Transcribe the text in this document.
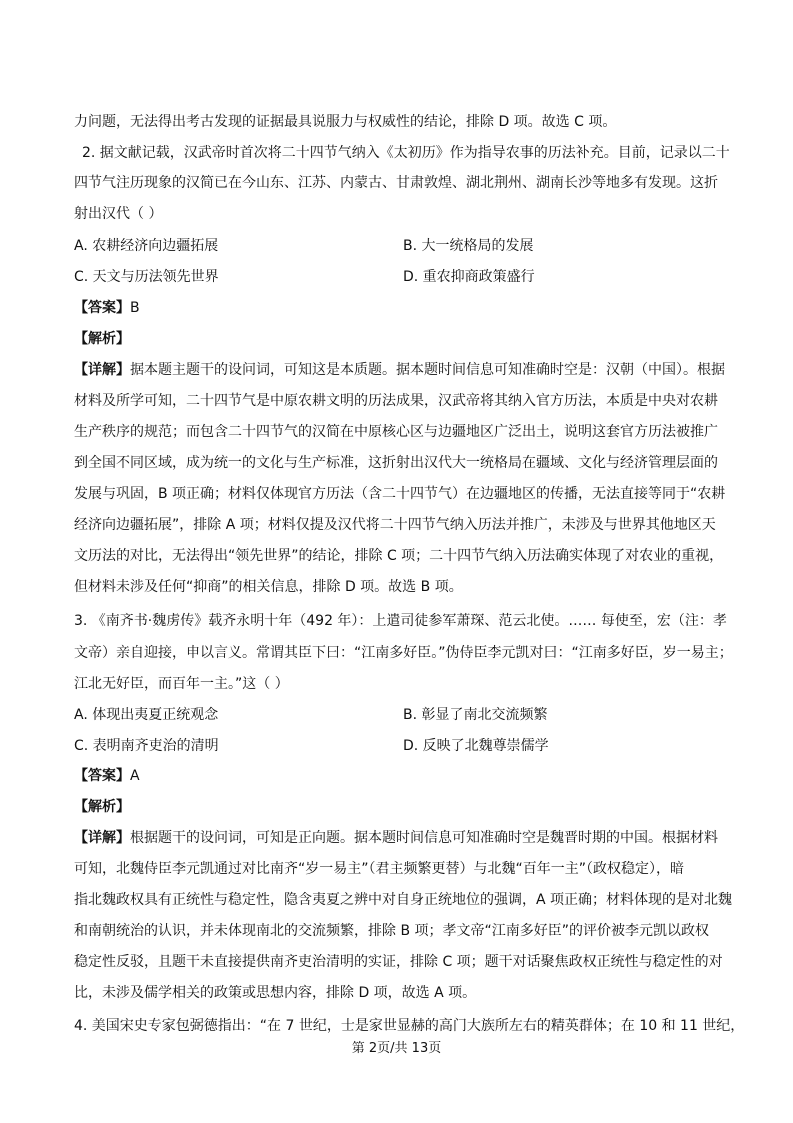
力问题，无法得出考古发现的证据最具说服力与权威性的结论，排除 D 项。故选 C 项。
2. 据文献记载，汉武帝时首次将二十四节气纳入《太初历》作为指导农事的历法补充。目前，记录以二十
四节气注历现象的汉简已在今山东、江苏、内蒙古、甘肃敦煌、湖北荆州、湖南长沙等地多有发现。这折
射出汉代（ ）
A. 农耕经济向边疆拓展	B. 大一统格局的发展
C. 天文与历法领先世界	D. 重农抑商政策盛行
【答案】B
【解析】
【详解】据本题主题干的设问词，可知这是本质题。据本题时间信息可知准确时空是：汉朝（中国）。根据
材料及所学可知，二十四节气是中原农耕文明的历法成果，汉武帝将其纳入官方历法，本质是中央对农耕
生产秩序的规范；而包含二十四节气的汉简在中原核心区与边疆地区广泛出土，说明这套官方历法被推广
到全国不同区域，成为统一的文化与生产标准，这折射出汉代大一统格局在疆域、文化与经济管理层面的
发展与巩固，B 项正确；材料仅体现官方历法（含二十四节气）在边疆地区的传播，无法直接等同于“农耕
经济向边疆拓展”，排除 A 项；材料仅提及汉代将二十四节气纳入历法并推广，未涉及与世界其他地区天
文历法的对比，无法得出“领先世界”的结论，排除 C 项；二十四节气纳入历法确实体现了对农业的重视，
但材料未涉及任何“抑商”的相关信息，排除 D 项。故选 B 项。
3. 《南齐书·魏虏传》载齐永明十年（492 年）：上遣司徒参军萧琛、范云北使。…… 每使至，宏（注：孝
文帝）亲自迎接，申以言义。常谓其臣下曰：“江南多好臣。”伪侍臣李元凯对曰：“江南多好臣，岁一易主；
江北无好臣，而百年一主。”这（ ）
A. 体现出夷夏正统观念	B. 彰显了南北交流频繁
C. 表明南齐吏治的清明	D. 反映了北魏尊崇儒学
【答案】A
【解析】
【详解】根据题干的设问词，可知是正向题。据本题时间信息可知准确时空是魏晋时期的中国。根据材料
可知，北魏侍臣李元凯通过对比南齐“岁一易主”（君主频繁更替）与北魏“百年一主”（政权稳定），暗
指北魏政权具有正统性与稳定性，隐含夷夏之辨中对自身正统地位的强调，A 项正确；材料体现的是对北魏
和南朝统治的认识，并未体现南北的交流频繁，排除 B 项；孝文帝“江南多好臣”的评价被李元凯以政权
稳定性反驳，且题干未直接提供南齐吏治清明的实证，排除 C 项；题干对话聚焦政权正统性与稳定性的对
比，未涉及儒学相关的政策或思想内容，排除 D 项，故选 A 项。
4. 美国宋史专家包弼德指出：“在 7 世纪，士是家世显赫的高门大族所左右的精英群体；在 10 和 11 世纪，
第 2页/共 13页
